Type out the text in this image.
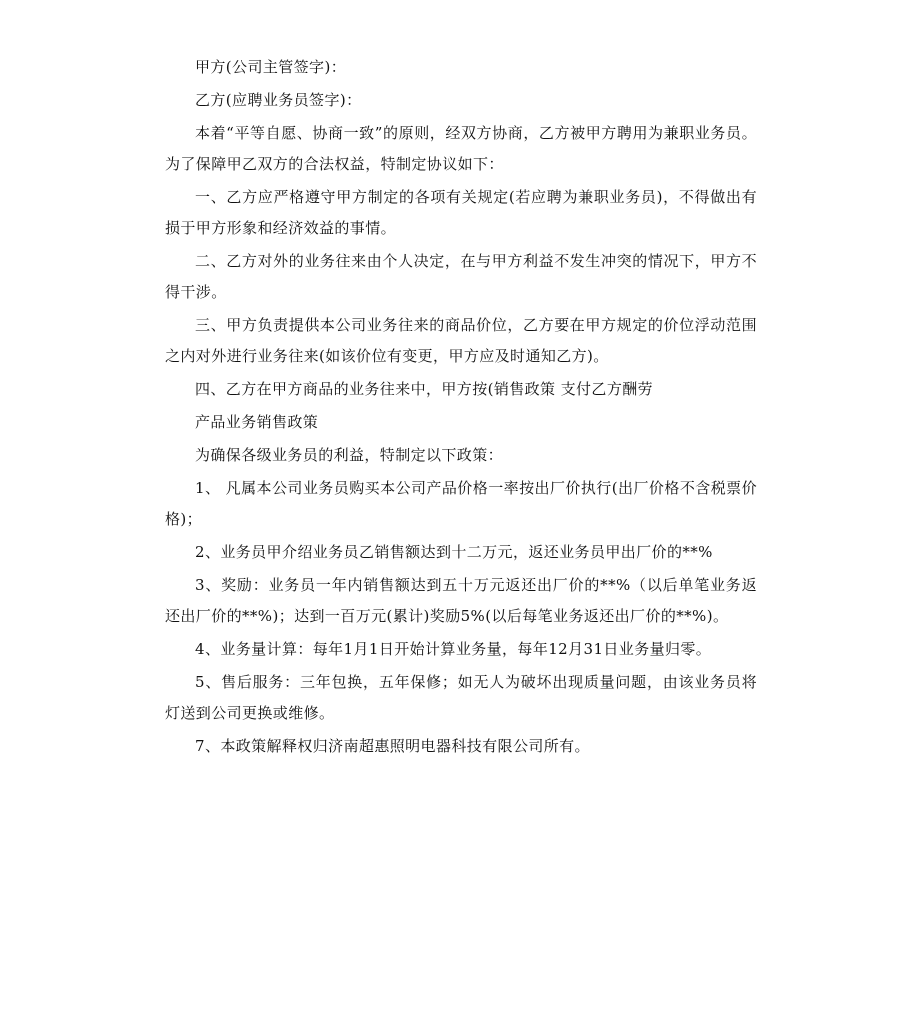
甲方(公司主管签字)：

乙方(应聘业务员签字)：

本着“平等自愿、协商一致”的原则，经双方协商，乙方被甲方聘用为兼职业务员。为了保障甲乙双方的合法权益，特制定协议如下：

一、乙方应严格遵守甲方制定的各项有关规定(若应聘为兼职业务员)，不得做出有损于甲方形象和经济效益的事情。

二、乙方对外的业务往来由个人决定，在与甲方利益不发生冲突的情况下，甲方不得干涉。

三、甲方负责提供本公司业务往来的商品价位，乙方要在甲方规定的价位浮动范围之内对外进行业务往来(如该价位有变更，甲方应及时通知乙方)。

四、乙方在甲方商品的业务往来中，甲方按(销售政策 支付乙方酬劳

产品业务销售政策

为确保各级业务员的利益，特制定以下政策：

1、 凡属本公司业务员购买本公司产品价格一率按出厂价执行(出厂价格不含税票价格)；

2、业务员甲介绍业务员乙销售额达到十二万元，返还业务员甲出厂价的**%

3、奖励：业务员一年内销售额达到五十万元返还出厂价的**%（以后单笔业务返还出厂价的**%)；达到一百万元(累计)奖励5%(以后每笔业务返还出厂价的**%)。

4、业务量计算：每年1月1日开始计算业务量，每年12月31日业务量归零。

5、售后服务：三年包换，五年保修；如无人为破坏出现质量问题，由该业务员将灯送到公司更换或维修。

7、本政策解释权归济南超惠照明电器科技有限公司所有。
